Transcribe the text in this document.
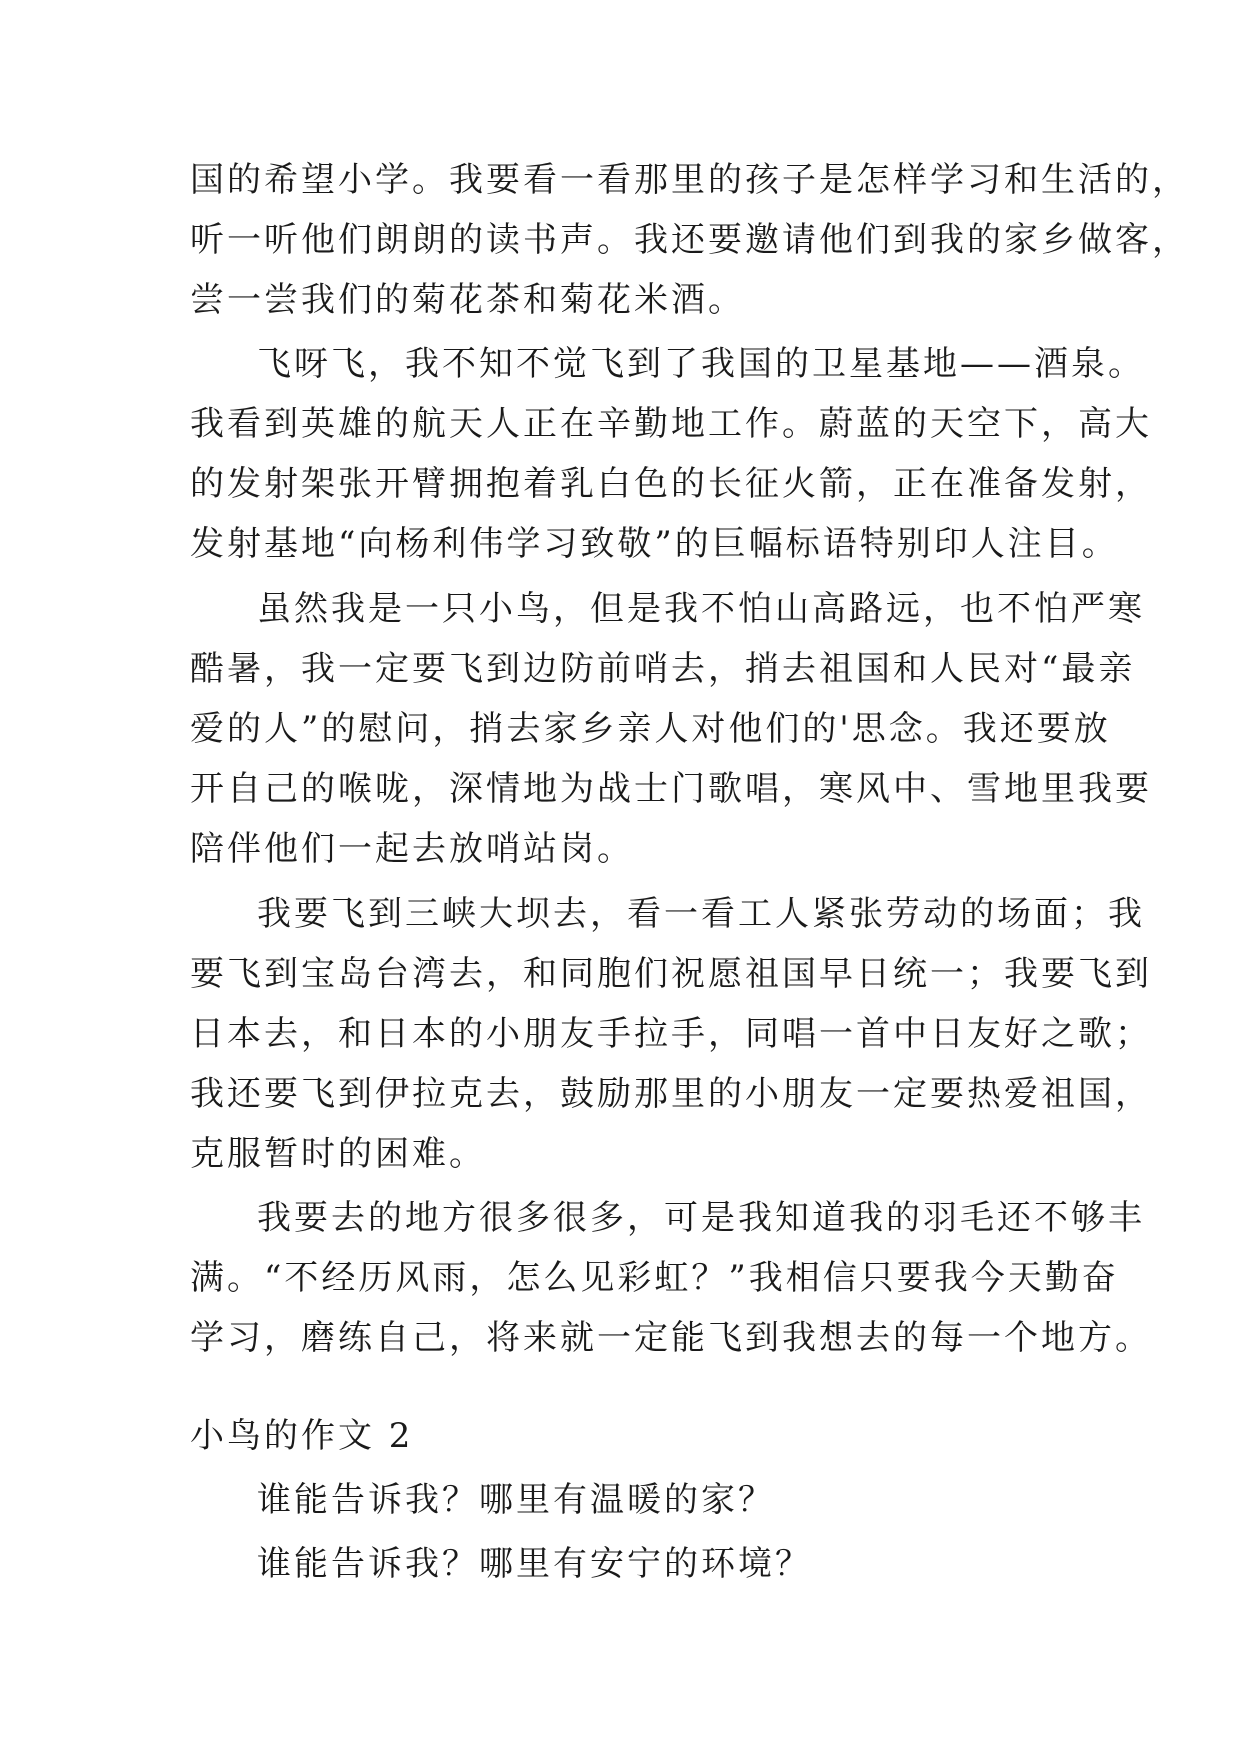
国的希望小学。我要看一看那里的孩子是怎样学习和生活的，
听一听他们朗朗的读书声。我还要邀请他们到我的家乡做客，
尝一尝我们的菊花茶和菊花米酒。
飞呀飞，我不知不觉飞到了我国的卫星基地——酒泉。
我看到英雄的航天人正在辛勤地工作。蔚蓝的天空下，高大
的发射架张开臂拥抱着乳白色的长征火箭，正在准备发射，
发射基地“向杨利伟学习致敬”的巨幅标语特别印人注目。
虽然我是一只小鸟，但是我不怕山高路远，也不怕严寒
酷暑，我一定要飞到边防前哨去，捎去祖国和人民对“最亲
爱的人”的慰问，捎去家乡亲人对他们的'思念。我还要放
开自己的喉咙，深情地为战士门歌唱，寒风中、雪地里我要
陪伴他们一起去放哨站岗。
我要飞到三峡大坝去，看一看工人紧张劳动的场面；我
要飞到宝岛台湾去，和同胞们祝愿祖国早日统一；我要飞到
日本去，和日本的小朋友手拉手，同唱一首中日友好之歌；
我还要飞到伊拉克去，鼓励那里的小朋友一定要热爱祖国，
克服暂时的困难。
我要去的地方很多很多，可是我知道我的羽毛还不够丰
满。“不经历风雨，怎么见彩虹？”我相信只要我今天勤奋
学习，磨练自己，将来就一定能飞到我想去的每一个地方。
小鸟的作文 2
谁能告诉我？哪里有温暖的家？
谁能告诉我？哪里有安宁的环境？
